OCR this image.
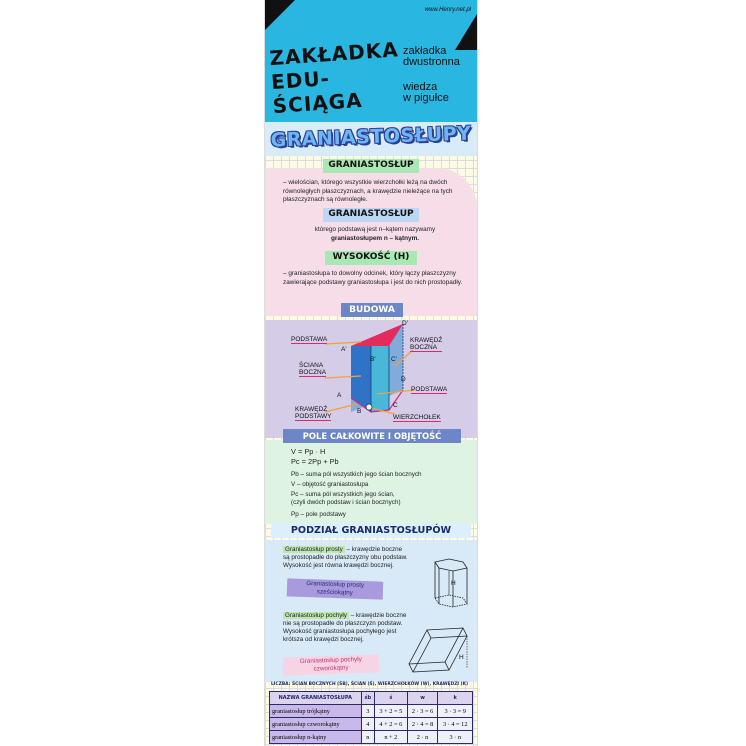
www.Henry.net.pl
ZAKŁADKA
EDU-ŚCIĄGA
zakładka
dwustronna
wiedza
w pigułce
GRANIASTOSŁUPY
GRANIASTOSŁUP
– wielościan, którego wszystkie wierzchołki leżą na dwóch równoległych płaszczyznach, a krawędzie nieleżące na tych płaszczyznach są równoległe.
GRANIASTOSŁUP
którego podstawą jest n–kątem nazywamy
graniastosłupem n – kątnym.
WYSOKOŚĆ (H)
– graniastosłupa to dowolny odcinek, który łączy płaszczyzny zawierające podstawy graniastosłupa i jest do nich prostopadły.
BUDOWA
PODSTAWA
ŚCIANA
BOCZNA
KRAWĘDŹ
BOCZNA
PODSTAWA
KRAWĘDŹ
PODSTAWY	WIERZCHOŁEK
A'
B' C'
D'
A
B
C
D
POLE CAŁKOWITE I OBJĘTOŚĆ
V = Pp · H
Pc = 2Pp + Pb
Pb – suma pól wszystkich jego ścian bocznych
V – objętość graniastosłupa
Pc – suma pól wszystkich jego ścian,
(czyli dwóch podstaw i ścian bocznych)
Pp – pole podstawy
PODZIAŁ GRANIASTOSŁUPÓW
Graniastosłup prosty – krawędzie boczne
są prostopadłe do płaszczyzny obu podstaw.
Wysokość jest równa krawędzi bocznej.
Graniastosłup prosty
sześciokątny
H
Graniastosłup pochyły – krawędzie boczne
nie są prostopadłe do płaszczyzn podstaw.
Wysokość graniastosłupa pochyłego jest
krótsza od krawędzi bocznej.
Graniastosłup pochyły
czworokątny
H
LICZBA: ŚCIAN BOCZNYCH (ŚB), ŚCIAN (Ś), WIERZCHOŁKÓW (W), KRAWĘDZI (K)
NAZWA GRANIASTOSŁUPA	śb	ś	w	k
graniastosłup trójkątny	3	3 + 2 = 5	2 · 3 = 6	3 · 3 = 9
graniastosłup czworokątny	4	4 + 2 = 6	2 · 4 = 8	3 · 4 = 12
graniastosłup n-kątny	n	n + 2	2 · n	3 · n
